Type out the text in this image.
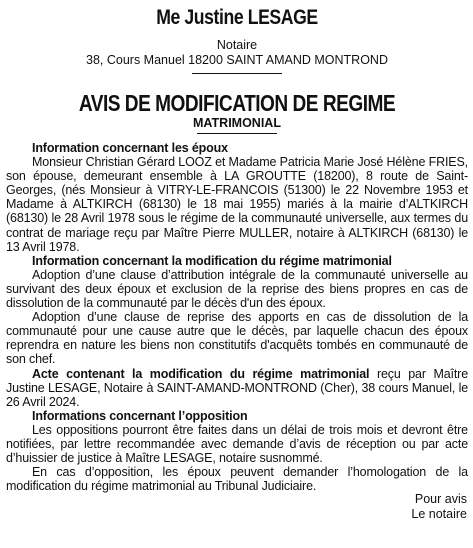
Me Justine LESAGE
Notaire
38, Cours Manuel 18200 SAINT AMAND MONTROND
AVIS DE MODIFICATION DE REGIME
MATRIMONIAL
Information concernant les époux

Monsieur Christian Gérard LOOZ et Madame Patricia Marie José Hélène FRIES, son épouse, demeurant ensemble à LA GROUTTE (18200), 8 route de Saint-Georges, (nés Monsieur à VITRY-LE-FRANCOIS (51300) le 22 Novembre 1953 et Madame à ALTKIRCH (68130) le 18 mai 1955) mariés à la mairie d’ALTKIRCH (68130) le 28 Avril 1978 sous le régime de la communauté universelle, aux termes du contrat de mariage reçu par Maître Pierre MULLER, notaire à ALTKIRCH (68130) le 13 Avril 1978.

Information concernant la modification du régime matrimonial

Adoption d’une clause d’attribution intégrale de la communauté universelle au survivant des deux époux et exclusion de la reprise des biens propres en cas de dissolution de la communauté par le décès d'un des époux.

Adoption d’une clause de reprise des apports en cas de dissolution de la communauté pour une cause autre que le décès, par laquelle chacun des époux reprendra en nature les biens non constitutifs d'acquêts tombés en communauté de son chef.

Acte contenant la modification du régime matrimonial reçu par Maître Justine LESAGE, Notaire à SAINT-AMAND-MONTROND (Cher), 38 cours Manuel, le 26 Avril 2024.

Informations concernant l’opposition

Les oppositions pourront être faites dans un délai de trois mois et devront être notifiées, par lettre recommandée avec demande d’avis de réception ou par acte d’huissier de justice à Maître LESAGE, notaire susnommé.

En cas d’opposition, les époux peuvent demander l’homologation de la modification du régime matrimonial au Tribunal Judiciaire.

Pour avis
Le notaire
